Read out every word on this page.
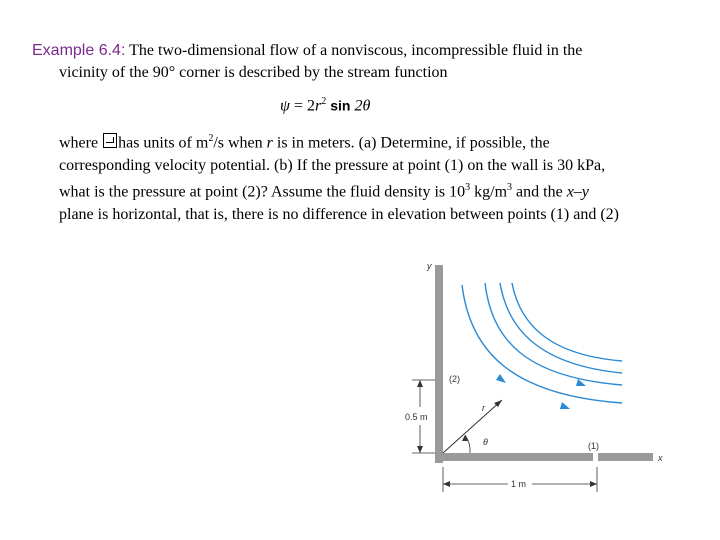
Example 6.4: The two-dimensional flow of a nonviscous, incompressible fluid in the
vicinity of the 90° corner is described by the stream function

$\psi = 2r^2$ sin 2θ

where has units of $m^2/s$ when r is in meters. (a) Determine, if possible, the

corresponding velocity potential. (b) If the pressure at point (1) on the wall is 30 kPa,

what is the pressure at point (2)? Assume the fluid density is $10^3$ $kg/m^3$ and the x–y

plane is horizontal, that is, there is no difference in elevation between points (1) and (2)

y
x
r
θ
(2)
(1)
0.5 m
1 m
